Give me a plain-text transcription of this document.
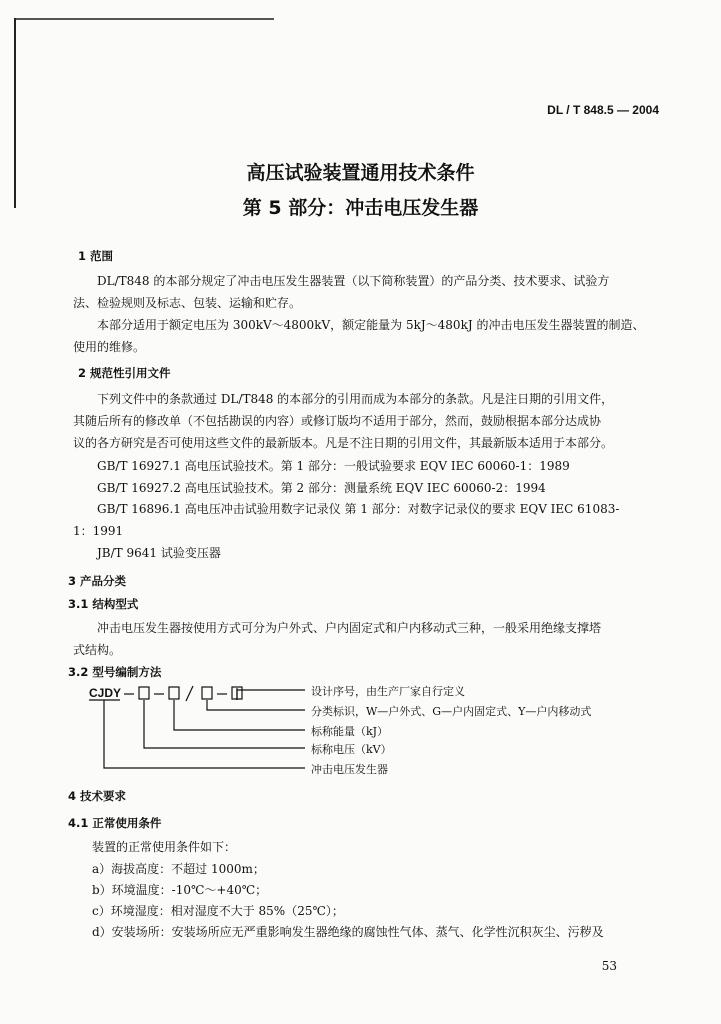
DL / T 848.5 — 2004
高压试验装置通用技术条件
第 5 部分：冲击电压发生器
1 范围
DL/T848 的本部分规定了冲击电压发生器装置（以下简称装置）的产品分类、技术要求、试验方
法、检验规则及标志、包装、运输和贮存。
本部分适用于额定电压为 300kV～4800kV，额定能量为 5kJ～480kJ 的冲击电压发生器装置的制造、
使用的维修。
2 规范性引用文件
下列文件中的条款通过 DL/T848 的本部分的引用而成为本部分的条款。凡是注日期的引用文件，
其随后所有的修改单（不包括勘误的内容）或修订版均不适用于部分，然而，鼓励根据本部分达成协
议的各方研究是否可使用这些文件的最新版本。凡是不注日期的引用文件，其最新版本适用于本部分。
GB/T 16927.1 高电压试验技术。第 1 部分：一般试验要求 EQV IEC 60060-1：1989
GB/T 16927.2 高电压试验技术。第 2 部分：测量系统 EQV IEC 60060-2：1994
GB/T 16896.1 高电压冲击试验用数字记录仪 第 1 部分：对数字记录仪的要求 EQV IEC 61083-
1：1991
JB/T 9641 试验变压器
3 产品分类
3.1 结构型式
冲击电压发生器按使用方式可分为户外式、户内固定式和户内移动式三种，一般采用绝缘支撑塔
式结构。
3.2 型号编制方法
CJDY	设计序号，由生产厂家自行定义
分类标识，W—户外式、G—户内固定式、Y—户内移动式
标称能量（kJ）
标称电压（kV）
冲击电压发生器
4 技术要求
4.1 正常使用条件
装置的正常使用条件如下：
a）海拔高度：不超过 1000m；
b）环境温度：-10℃～+40℃；
c）环境湿度：相对湿度不大于 85%（25℃）；
d）安装场所：安装场所应无严重影响发生器绝缘的腐蚀性气体、蒸气、化学性沉积灰尘、污秽及
53
